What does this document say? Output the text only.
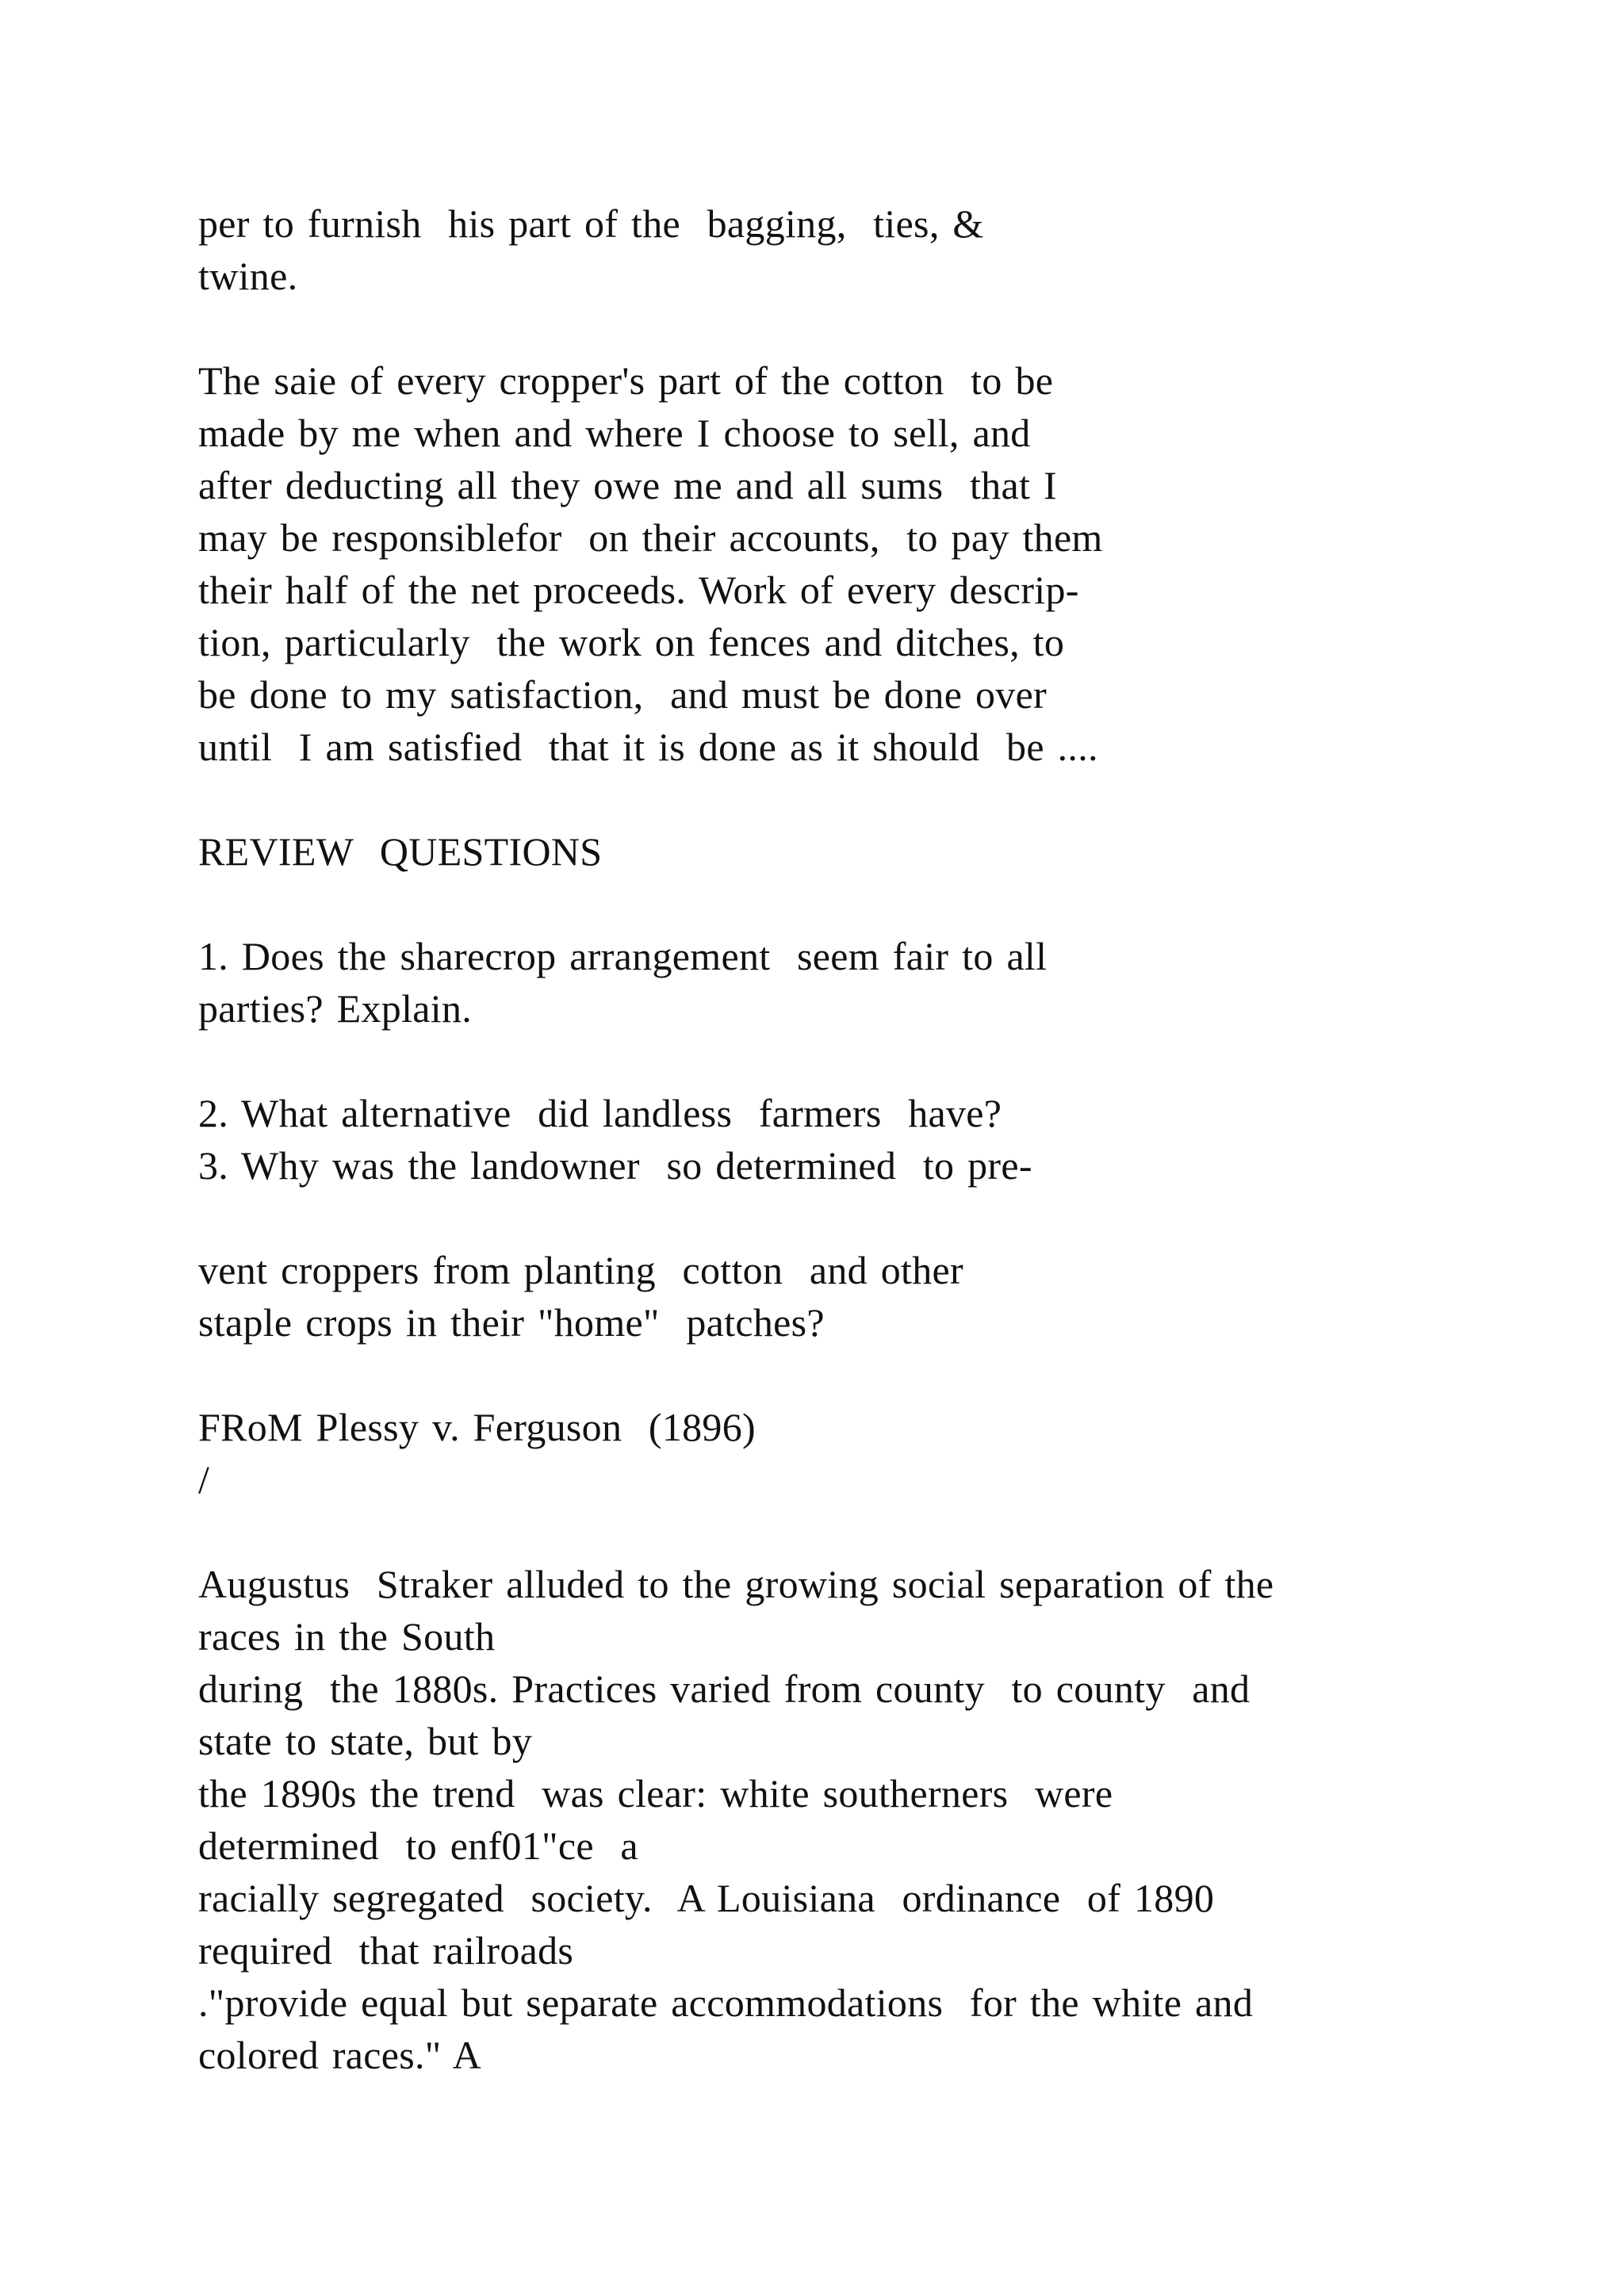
per to furnish  his part of the  bagging,  ties, &
twine.
The saie of every cropper's part of the cotton  to be
made by me when and where I choose to sell, and
after deducting all they owe me and all sums  that I
may be responsiblefor  on their accounts,  to pay them
their half of the net proceeds. Work of every descrip-
tion, particularly  the work on fences and ditches, to
be done to my satisfaction,  and must be done over
until  I am satisfied  that it is done as it should  be ....
REVIEW  QUESTIONS
1. Does the sharecrop arrangement  seem fair to all
parties? Explain.
2. What alternative  did landless  farmers  have?
3. Why was the landowner  so determined  to pre-
vent croppers from planting  cotton  and other
staple crops in their "home"  patches?
FRoM Plessy v. Ferguson  (1896)
/
Augustus  Straker alluded to the growing social separation of the
races in the South
during  the 1880s. Practices varied from county  to county  and
state to state, but by
the 1890s the trend  was clear: white southerners  were
determined  to enf01"ce  a
racially segregated  society.  A Louisiana  ordinance  of 1890
required  that railroads
."provide equal but separate accommodations  for the white and
colored races." A
